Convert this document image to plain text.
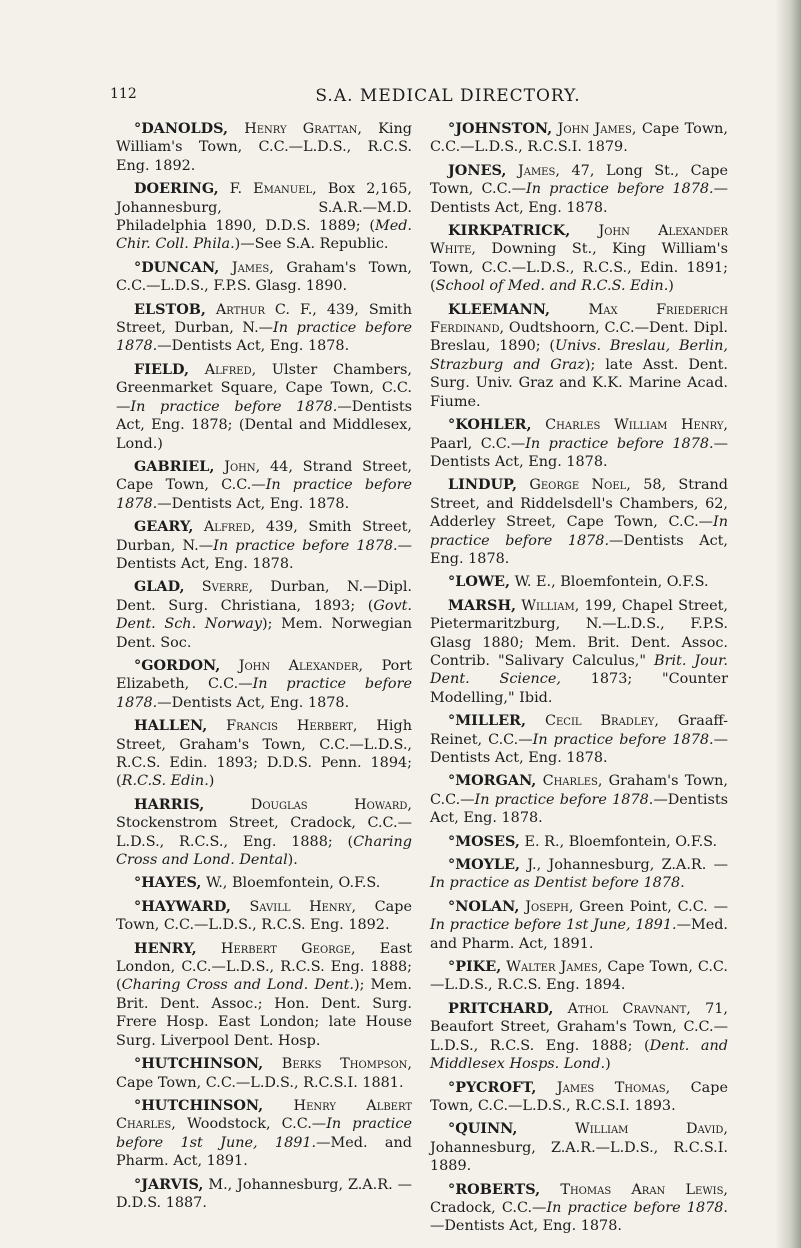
112	S.A. MEDICAL DIRECTORY.

°DANOLDS, Henry Grattan, King William's Town, C.C.—L.D.S., R.C.S. Eng. 1892.

DOERING, F. Emanuel, Box 2,165, Johannesburg, S.A.R.—M.D. Philadelphia 1890, D.D.S. 1889; (Med. Chir. Coll. Phila.)—See S.A. Republic.

°DUNCAN, James, Graham's Town, C.C.—L.D.S., F.P.S. Glasg. 1890.

ELSTOB, Arthur C. F., 439, Smith Street, Durban, N.—In practice before 1878.—Dentists Act, Eng. 1878.

FIELD, Alfred, Ulster Chambers, Greenmarket Square, Cape Town, C.C.—In practice before 1878.—Dentists Act, Eng. 1878; (Dental and Middlesex, Lond.)

GABRIEL, John, 44, Strand Street, Cape Town, C.C.—In practice before 1878.—Dentists Act, Eng. 1878.

GEARY, Alfred, 439, Smith Street, Durban, N.—In practice before 1878.—Dentists Act, Eng. 1878.

GLAD, Sverre, Durban, N.—Dipl. Dent. Surg. Christiana, 1893; (Govt. Dent. Sch. Norway); Mem. Norwegian Dent. Soc.

°GORDON, John Alexander, Port Elizabeth, C.C.—In practice before 1878.—Dentists Act, Eng. 1878.

HALLEN, Francis Herbert, High Street, Graham's Town, C.C.—L.D.S., R.C.S. Edin. 1893; D.D.S. Penn. 1894; (R.C.S. Edin.)

HARRIS,	Douglas Howard, Stockenstrom Street, Cradock, C.C.—L.D.S., R.C.S., Eng. 1888; (Charing Cross and Lond. Dental).

°HAYES, W., Bloemfontein, O.F.S.

°HAYWARD, Savill Henry, Cape Town, C.C.—L.D.S., R.C.S. Eng. 1892.

HENRY, Herbert George, East London, C.C.—L.D.S., R.C.S. Eng. 1888; (Charing Cross and Lond. Dent.); Mem. Brit. Dent. Assoc.; Hon. Dent. Surg. Frere Hosp. East London; late House Surg. Liverpool Dent. Hosp.

°HUTCHINSON, Berks Thompson, Cape Town, C.C.—L.D.S., R.C.S.I. 1881.

°HUTCHINSON, Henry Albert Charles, Woodstock, C.C.—In practice before 1st June, 1891.—Med. and Pharm. Act, 1891.

°JARVIS, M., Johannesburg, Z.A.R. —D.D.S. 1887.

°JOHNSTON, John James, Cape Town, C.C.—L.D.S., R.C.S.I. 1879.

JONES, James, 47, Long St., Cape Town, C.C.—In practice before 1878.—Dentists Act, Eng. 1878.

KIRKPATRICK, John Alexander White, Downing St., King William's Town, C.C.—L.D.S., R.C.S., Edin. 1891; (School of Med. and R.C.S. Edin.)

KLEEMANN,	Max Friederich Ferdinand, Oudtshoorn, C.C.—Dent. Dipl. Breslau, 1890; (Univs. Breslau, Berlin, Strazburg and Graz); late Asst. Dent. Surg. Univ. Graz and K.K. Marine Acad. Fiume.

°KOHLER, Charles William Henry, Paarl, C.C.—In practice before 1878.—Dentists Act, Eng. 1878.

LINDUP, George Noel, 58, Strand Street, and Riddelsdell's Chambers, 62, Adderley Street, Cape Town, C.C.—In practice before 1878.—Dentists Act, Eng. 1878.

°LOWE, W. E., Bloemfontein, O.F.S.

MARSH, William, 199, Chapel Street, Pietermaritzburg, N.—L.D.S., F.P.S. Glasg 1880; Mem. Brit. Dent. Assoc. Contrib. "Salivary Calculus," Brit. Jour. Dent. Science, 1873; "Counter Modelling," Ibid.

°MILLER, Cecil Bradley, Graaff-Reinet, C.C.—In practice before 1878.—Dentists Act, Eng. 1878.

°MORGAN, Charles, Graham's Town, C.C.—In practice before 1878.—Dentists Act, Eng. 1878.

°MOSES, E. R., Bloemfontein, O.F.S.

°MOYLE, J., Johannesburg, Z.A.R. —In practice as Dentist before 1878.

°NOLAN, Joseph, Green Point, C.C. —In practice before 1st June, 1891.—Med. and Pharm. Act, 1891.

°PIKE, Walter James, Cape Town, C.C.—L.D.S., R.C.S. Eng. 1894.

PRITCHARD, Athol Cravnant, 71, Beaufort Street, Graham's Town, C.C.—L.D.S., R.C.S. Eng. 1888; (Dent. and Middlesex Hosps. Lond.)

°PYCROFT, James Thomas, Cape Town, C.C.—L.D.S., R.C.S.I. 1893.

°QUINN,	William David, Johannesburg, Z.A.R.—L.D.S., R.C.S.I. 1889.

°ROBERTS, Thomas Aran Lewis, Cradock, C.C.—In practice before 1878.—Dentists Act, Eng. 1878.
